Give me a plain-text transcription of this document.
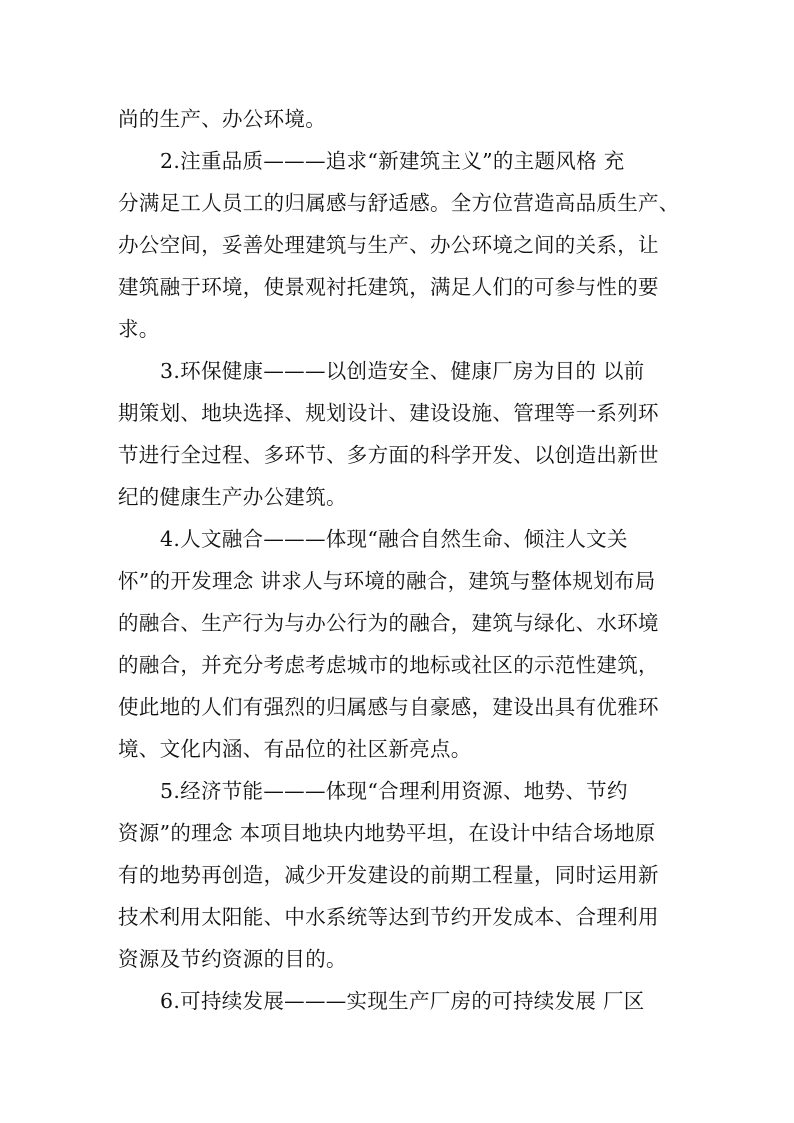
尚的生产、办公环境。
2.注重品质———追求“新建筑主义”的主题风格 充
分满足工人员工的归属感与舒适感。全方位营造高品质生产、
办公空间，妥善处理建筑与生产、办公环境之间的关系，让
建筑融于环境，使景观衬托建筑，满足人们的可参与性的要
求。
3.环保健康———以创造安全、健康厂房为目的 以前
期策划、地块选择、规划设计、建设设施、管理等一系列环
节进行全过程、多环节、多方面的科学开发、以创造出新世
纪的健康生产办公建筑。
4.人文融合———体现“融合自然生命、倾注人文关
怀”的开发理念 讲求人与环境的融合，建筑与整体规划布局
的融合、生产行为与办公行为的融合，建筑与绿化、水环境
的融合，并充分考虑考虑城市的地标或社区的示范性建筑，
使此地的人们有强烈的归属感与自豪感，建设出具有优雅环
境、文化内涵、有品位的社区新亮点。
5.经济节能———体现“合理利用资源、地势、节约
资源”的理念 本项目地块内地势平坦，在设计中结合场地原
有的地势再创造，减少开发建设的前期工程量，同时运用新
技术利用太阳能、中水系统等达到节约开发成本、合理利用
资源及节约资源的目的。
6.可持续发展———实现生产厂房的可持续发展 厂区
